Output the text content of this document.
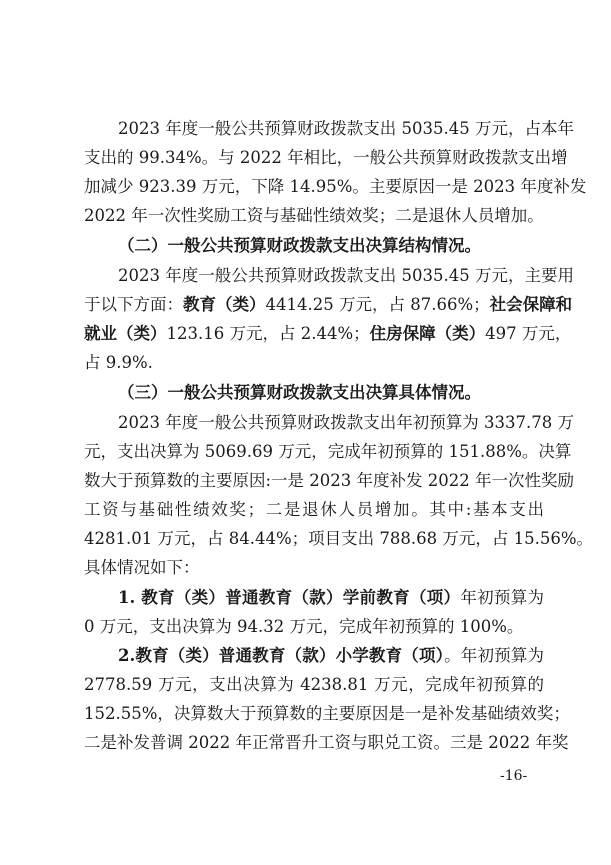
2023 年度一般公共预算财政拨款支出 5035.45 万元，占本年
支出的 99.34%。与 2022 年相比，一般公共预算财政拨款支出增
加减少 923.39 万元，下降 14.95%。主要原因一是 2023 年度补发
2022 年一次性奖励工资与基础性绩效奖；二是退休人员增加。
（二）一般公共预算财政拨款支出决算结构情况。
2023 年度一般公共预算财政拨款支出 5035.45 万元，主要用
于以下方面：教育（类）4414.25 万元，占 87.66%；社会保障和
就业（类）123.16 万元，占 2.44%；住房保障（类）497 万元，
占 9.9%.
（三）一般公共预算财政拨款支出决算具体情况。
2023 年度一般公共预算财政拨款支出年初预算为 3337.78 万
元，支出决算为 5069.69 万元，完成年初预算的 151.88%。决算
数大于预算数的主要原因:一是 2023 年度补发 2022 年一次性奖励
工资与基础性绩效奖；二是退休人员增加。其中:基本支出
4281.01 万元，占 84.44%；项目支出 788.68 万元，占 15.56%。
具体情况如下：
1. 教育（类）普通教育（款）学前教育（项）年初预算为
0 万元，支出决算为 94.32 万元，完成年初预算的 100%。
2.教育（类）普通教育（款）小学教育（项）。年初预算为
2778.59 万元，支出决算为 4238.81 万元，完成年初预算的
152.55%，决算数大于预算数的主要原因是一是补发基础绩效奖；
二是补发普调 2022 年正常晋升工资与职兑工资。三是 2022 年奖
-16-
